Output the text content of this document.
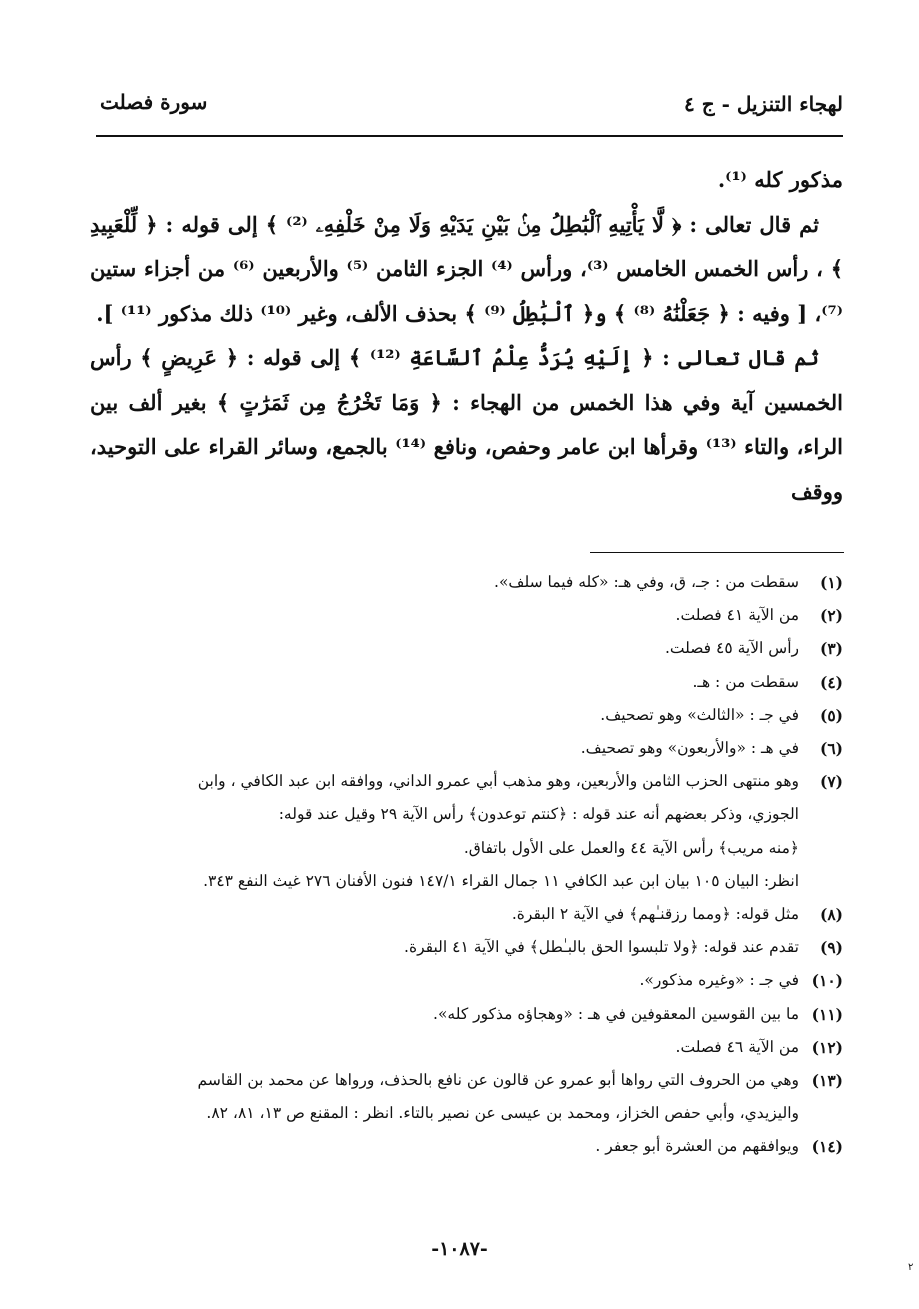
لهجاء التنزيل - ج ٤
سورة فصلت

مذكور كله ⁽¹⁾.

ثم قال تعالى : ﴿ لَّا يَأْتِيهِ ٱلْبَٰطِلُ مِنۢ بَيْنِ يَدَيْهِ وَلَا مِنْ خَلْفِهِۦ ⁽²⁾ ﴾ إلى قوله : ﴿ لِّلْعَبِيدِ ﴾ ، رأس الخمس الخامس ⁽³⁾، ورأس ⁽⁴⁾ الجزء الثامن ⁽⁵⁾ والأربعين ⁽⁶⁾ من أجزاء ستين ⁽⁷⁾، [ وفيه : ﴿ جَعَلْنَٰهُ ⁽⁸⁾ ﴾ و﴿ ٱلْبَٰطِلُ ⁽⁹⁾ ﴾ بحذف الألف، وغير ⁽¹⁰⁾ ذلك مذكور ⁽¹¹⁾ ].

ثم قال تعالى : ﴿ إِلَيْهِ يُرَدُّ عِلْمُ ٱلسَّاعَةِ ⁽¹²⁾ ﴾ إلى قوله : ﴿ عَرِيضٍ ﴾ رأس الخمسين آية وفي هذا الخمس من الهجاء : ﴿ وَمَا تَخْرُجُ مِن ثَمَرَٰتٍ ﴾ بغير ألف بين الراء، والتاء ⁽¹³⁾ وقرأها ابن عامر وحفص، ونافع ⁽¹⁴⁾ بالجمع، وسائر القراء على التوحيد، ووقف

(١)
سقطت من : جـ، ق، وفي هـ: «كله فيما سلف».
(٢)
من الآية ٤١ فصلت.
(٣)
رأس الآية ٤٥ فصلت.
(٤)
سقطت من : هـ.
(٥)
في جـ : «الثالث» وهو تصحيف.
(٦)
في هـ : «والأربعون» وهو تصحيف.
(٧)
وهو منتهى الحزب الثامن والأربعين، وهو مذهب أبي عمرو الداني، ووافقه ابن عبد الكافي ، وابن
الجوزي، وذكر بعضهم أنه عند قوله : ﴿كنتم توعدون﴾ رأس الآية ٢٩ وقيل عند قوله:
﴿منه مريب﴾ رأس الآية ٤٤ والعمل على الأول باتفاق.
انظر: البيان ١٠٥ بيان ابن عبد الكافي ١١ جمال القراء ١٤٧/١ فنون الأفنان ٢٧٦ غيث النفع ٣٤٣.
(٨)
مثل قوله: ﴿ومما رزقنـٰهم﴾ في الآية ٢ البقرة.
(٩)
تقدم عند قوله: ﴿ولا تلبسوا الحق بالبـٰطل﴾ في الآية ٤١ البقرة.
(١٠)
في جـ : «وغيره مذكور».
(١١)
ما بين القوسين المعقوفين في هـ : «وهجاؤه مذكور كله».
(١٢)
من الآية ٤٦ فصلت.
(١٣)
وهي من الحروف التي رواها أبو عمرو عن قالون عن نافع بالحذف، ورواها عن محمد بن القاسم
واليزيدي، وأبي حفص الخزاز، ومحمد بن عيسى عن نصير بالتاء. انظر : المقنع ص ١٣، ٨١، ٨٢.
(١٤)
ويوافقهم من العشرة أبو جعفر .
-١٠٨٧-
٢
